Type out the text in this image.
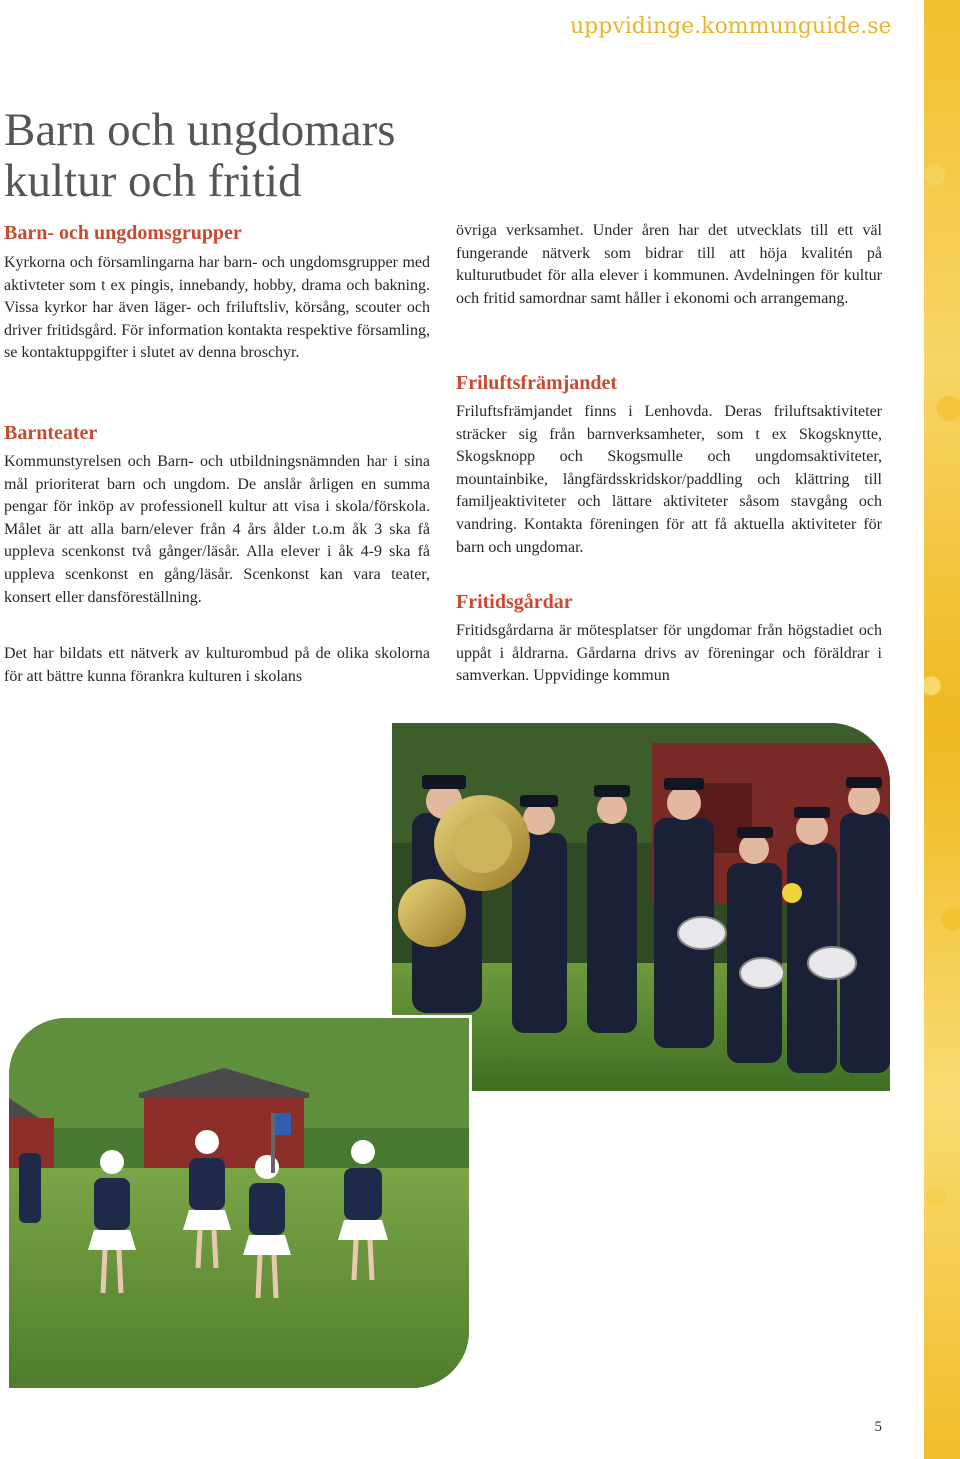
uppvidinge.kommunguide.se
Barn och ungdomars
kultur och fritid
Barn- och ungdomsgrupper

Kyrkorna och församlingarna har barn- och ungdomsgrupper med aktivteter som t ex pingis, innebandy, hobby, drama och bakning. Vissa kyrkor har även läger- och friluftsliv, körsång, scouter och driver fritidsgård. För information kontakta respektive församling, se kontaktuppgifter i slutet av denna broschyr.

Barnteater

Kommunstyrelsen och Barn- och utbildningsnämnden har i sina mål prioriterat barn och ungdom. De anslår årligen en summa pengar för inköp av professionell kultur att visa i skola/förskola. Målet är att alla barn/elever från 4 års ålder t.o.m åk 3 ska få uppleva scenkonst två gånger/läsår. Alla elever i åk 4-9 ska få uppleva scenkonst en gång/läsår. Scenkonst kan vara teater, konsert eller dansföreställning.

Det har bildats ett nätverk av kulturombud på de olika skolorna för att bättre kunna förankra kulturen i skolans

övriga verksamhet. Under åren har det utvecklats till ett väl fungerande nätverk som bidrar till att höja kvalitén på kulturutbudet för alla elever i kommunen. Avdelningen för kultur och fritid samordnar samt håller i ekonomi och arrangemang.

Friluftsfrämjandet

Friluftsfrämjandet finns i Lenhovda. Deras friluftsaktiviteter sträcker sig från barnverksamheter, som t ex Skogsknytte, Skogsknopp och Skogsmulle och ungdomsaktiviteter, mountainbike, långfärdsskridskor/paddling och klättring till familjeaktiviteter och lättare aktiviteter såsom stavgång och vandring. Kontakta föreningen för att få aktuella aktiviteter för barn och ungdomar.

Fritidsgårdar

Fritidsgårdarna är mötesplatser för ungdomar från högstadiet och uppåt i åldrarna. Gårdarna drivs av föreningar och föräldrar i samverkan. Uppvidinge kommun

5
